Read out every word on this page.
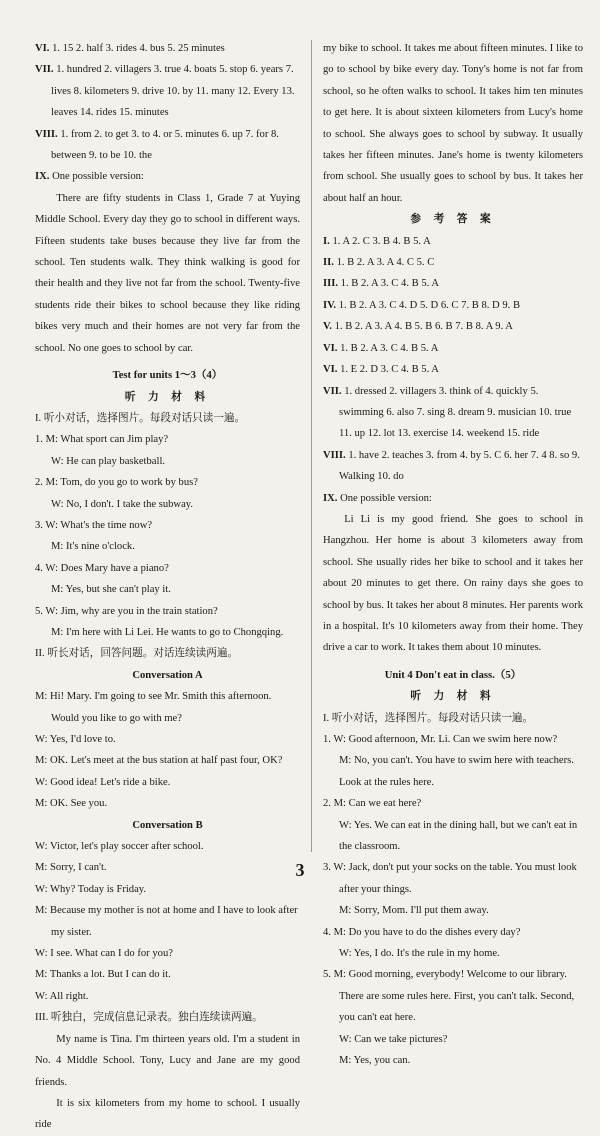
VI. 1. 15 2. half 3. rides 4. bus 5. 25 minutes
VII. 1. hundred 2. villagers 3. true 4. boats 5. stop 6. years 7. lives 8. kilometers 9. drive 10. by 11. many 12. Every 13. leaves 14. rides 15. minutes
VIII. 1. from 2. to get 3. to 4. or 5. minutes 6. up 7. for 8. between 9. to be 10. the
IX. One possible version:
There are fifty students in Class 1, Grade 7 at Yuying Middle School. Every day they go to school in different ways. Fifteen students take buses because they live far from the school. Ten students walk. They think walking is good for their health and they live not far from the school. Twenty-five students ride their bikes to school because they like riding bikes very much and their homes are not very far from the school. No one goes to school by car.
Test for units 1～3（4）
听 力 材 料
I. 听小对话，选择图片。每段对话只读一遍。
1. M: What sport can Jim play?
W: He can play basketball.
2. M: Tom, do you go to work by bus?
W: No, I don't. I take the subway.
3. W: What's the time now?
M: It's nine o'clock.
4. W: Does Mary have a piano?
M: Yes, but she can't play it.
5. W: Jim, why are you in the train station?
M: I'm here with Li Lei. He wants to go to Chongqing.
II. 听长对话，回答问题。对话连续读两遍。
Conversation A
M: Hi! Mary. I'm going to see Mr. Smith this afternoon. Would you like to go with me?
W: Yes, I'd love to.
M: OK. Let's meet at the bus station at half past four, OK?
W: Good idea! Let's ride a bike.
M: OK. See you.
Conversation B
W: Victor, let's play soccer after school.
M: Sorry, I can't.
W: Why? Today is Friday.
M: Because my mother is not at home and I have to look after my sister.
W: I see. What can I do for you?
M: Thanks a lot. But I can do it.
W: All right.
III. 听独白，完成信息记录表。独白连续读两遍。
My name is Tina. I'm thirteen years old. I'm a student in No. 4 Middle School. Tony, Lucy and Jane are my good friends.
It is six kilometers from my home to school. I usually ride
my bike to school. It takes me about fifteen minutes. I like to go to school by bike every day. Tony's home is not far from school, so he often walks to school. It takes him ten minutes to get here. It is about sixteen kilometers from Lucy's home to school. She always goes to school by subway. It usually takes her fifteen minutes. Jane's home is twenty kilometers from school. She usually goes to school by bus. It takes her about half an hour.
参 考 答 案
I. 1. A 2. C 3. B 4. B 5. A
II. 1. B 2. A 3. A 4. C 5. C
III. 1. B 2. A 3. C 4. B 5. A
IV. 1. B 2. A 3. C 4. D 5. D 6. C 7. B 8. D 9. B
V. 1. B 2. A 3. A 4. B 5. B 6. B 7. B 8. A 9. A
VI. 1. B 2. A 3. C 4. B 5. A
VI. 1. E 2. D 3. C 4. B 5. A
VII. 1. dressed 2. villagers 3. think of 4. quickly 5. swimming 6. also 7. sing 8. dream 9. musician 10. true 11. up 12. lot 13. exercise 14. weekend 15. ride
VIII. 1. have 2. teaches 3. from 4. by 5. C 6. her 7. 4 8. so 9. Walking 10. do
IX. One possible version:
Li Li is my good friend. She goes to school in Hangzhou. Her home is about 3 kilometers away from school. She usually rides her bike to school and it takes her about 20 minutes to get there. On rainy days she goes to school by bus. It takes her about 8 minutes. Her parents work in a hospital. It's 10 kilometers away from their home. They drive a car to work. It takes them about 10 minutes.
Unit 4 Don't eat in class.（5）
听 力 材 料
I. 听小对话，选择图片。每段对话只读一遍。
1. W: Good afternoon, Mr. Li. Can we swim here now?
M: No, you can't. You have to swim here with teachers. Look at the rules here.
2. M: Can we eat here?
W: Yes. We can eat in the dining hall, but we can't eat in the classroom.
3. W: Jack, don't put your socks on the table. You must look after your things.
M: Sorry, Mom. I'll put them away.
4. M: Do you have to do the dishes every day?
W: Yes, I do. It's the rule in my home.
5. M: Good morning, everybody! Welcome to our library. There are some rules here. First, you can't talk. Second, you can't eat here.
W: Can we take pictures?
M: Yes, you can.
3
